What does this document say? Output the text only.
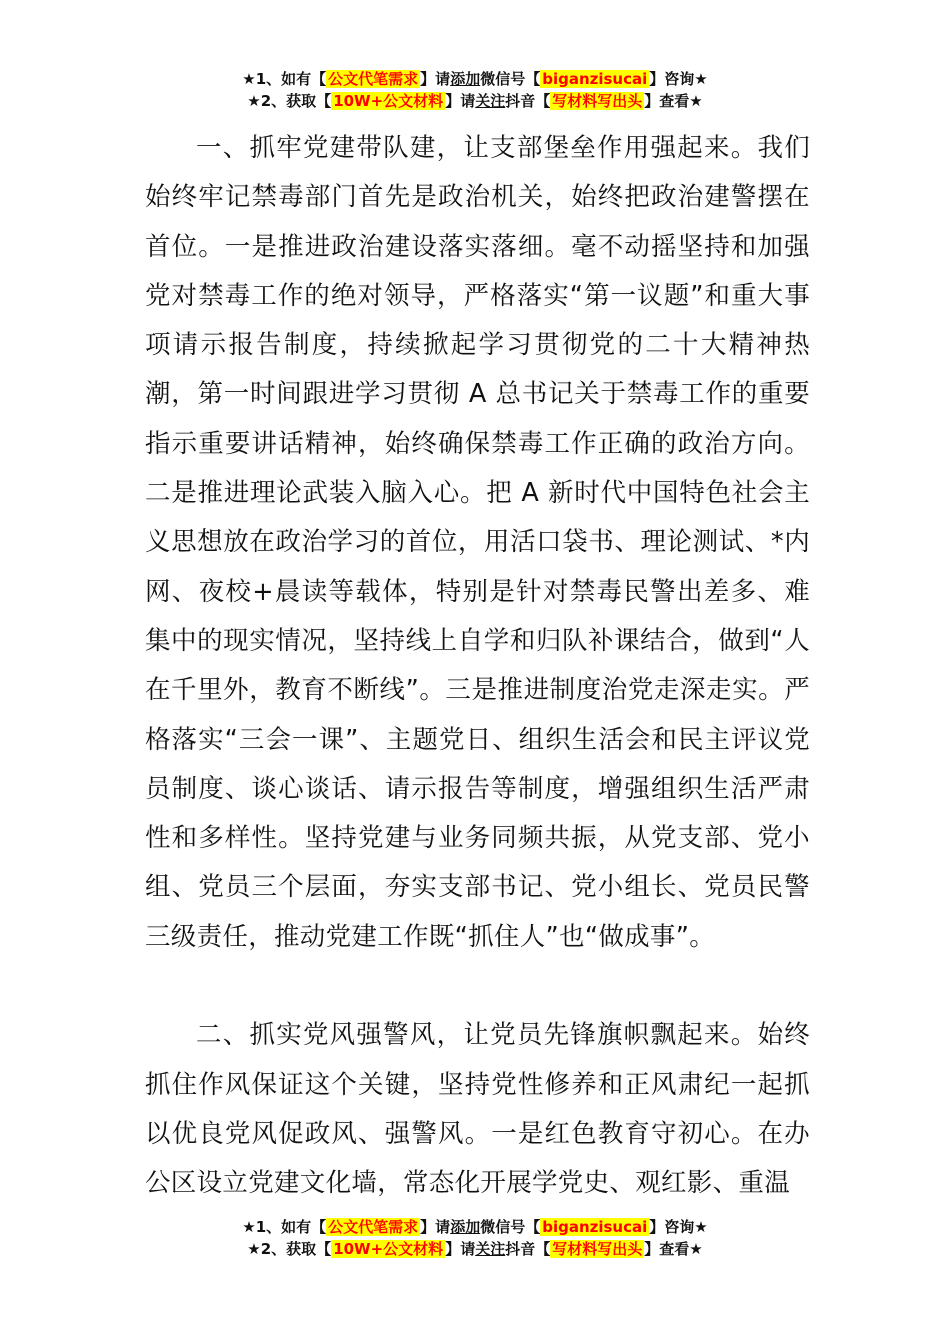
★1、如有【 公文代笔需求 】请添加微信号【 biganzisucai 】咨询★
★2、获取【 10W+公文材料 】请关注抖音【 写材料写出头 】查看★

一、抓牢党建带队建，让支部堡垒作用强起来。我们始终牢记禁毒部门首先是政治机关，始终把政治建警摆在首位。一是推进政治建设落实落细。毫不动摇坚持和加强党对禁毒工作的绝对领导，严格落实“第一议题”和重大事项请示报告制度，持续掀起学习贯彻党的二十大精神热潮，第一时间跟进学习贯彻 A 总书记关于禁毒工作的重要指示重要讲话精神，始终确保禁毒工作正确的政治方向。二是推进理论武装入脑入心。把 A 新时代中国特色社会主义思想放在政治学习的首位，用活口袋书、理论测试、*内网、夜校+晨读等载体，特别是针对禁毒民警出差多、难集中的现实情况，坚持线上自学和归队补课结合，做到“人在千里外，教育不断线”。三是推进制度治党走深走实。严格落实“三会一课”、主题党日、组织生活会和民主评议党员制度、谈心谈话、请示报告等制度，增强组织生活严肃性和多样性。坚持党建与业务同频共振，从党支部、党小组、党员三个层面，夯实支部书记、党小组长、党员民警三级责任，推动党建工作既“抓住人”也“做成事”。

二、抓实党风强警风，让党员先锋旗帜飘起来。始终抓住作风保证这个关键，坚持党性修养和正风肃纪一起抓以优良党风促政风、强警风。一是红色教育守初心。在办公区设立党建文化墙，常态化开展学党史、观红影、重温

★1、如有【 公文代笔需求 】请添加微信号【 biganzisucai 】咨询★
★2、获取【 10W+公文材料 】请关注抖音【 写材料写出头 】查看★
